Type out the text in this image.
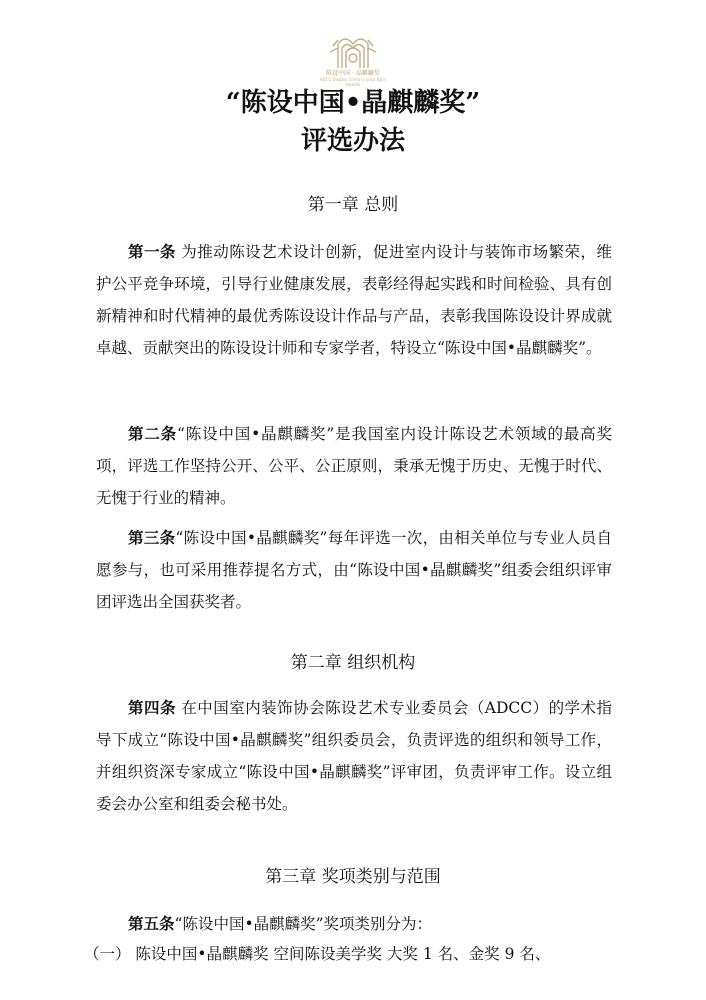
陈设中国 · 晶麒麟奖
ADCC Display China Crystal Kylin Awards
“陈设中国•晶麒麟奖”
评选办法
第一章 总则
第一条 为推动陈设艺术设计创新，促进室内设计与装饰市场繁荣，维护公平竞争环境，引导行业健康发展，表彰经得起实践和时间检验、具有创新精神和时代精神的最优秀陈设设计作品与产品，表彰我国陈设设计界成就卓越、贡献突出的陈设设计师和专家学者，特设立“陈设中国•晶麒麟奖”。
第二条“陈设中国•晶麒麟奖”是我国室内设计陈设艺术领域的最高奖项，评选工作坚持公开、公平、公正原则，秉承无愧于历史、无愧于时代、无愧于行业的精神。
第三条“陈设中国•晶麒麟奖”每年评选一次，由相关单位与专业人员自愿参与，也可采用推荐提名方式，由“陈设中国•晶麒麟奖”组委会组织评审团评选出全国获奖者。
第二章 组织机构
第四条 在中国室内装饰协会陈设艺术专业委员会（ADCC）的学术指导下成立“陈设中国•晶麒麟奖”组织委员会，负责评选的组织和领导工作，并组织资深专家成立“陈设中国•晶麒麟奖”评审团，负责评审工作。设立组委会办公室和组委会秘书处。
第三章 奖项类别与范围
第五条“陈设中国•晶麒麟奖”奖项类别分为：
（一） 陈设中国•晶麒麟奖 空间陈设美学奖 大奖 1 名、金奖 9 名、
